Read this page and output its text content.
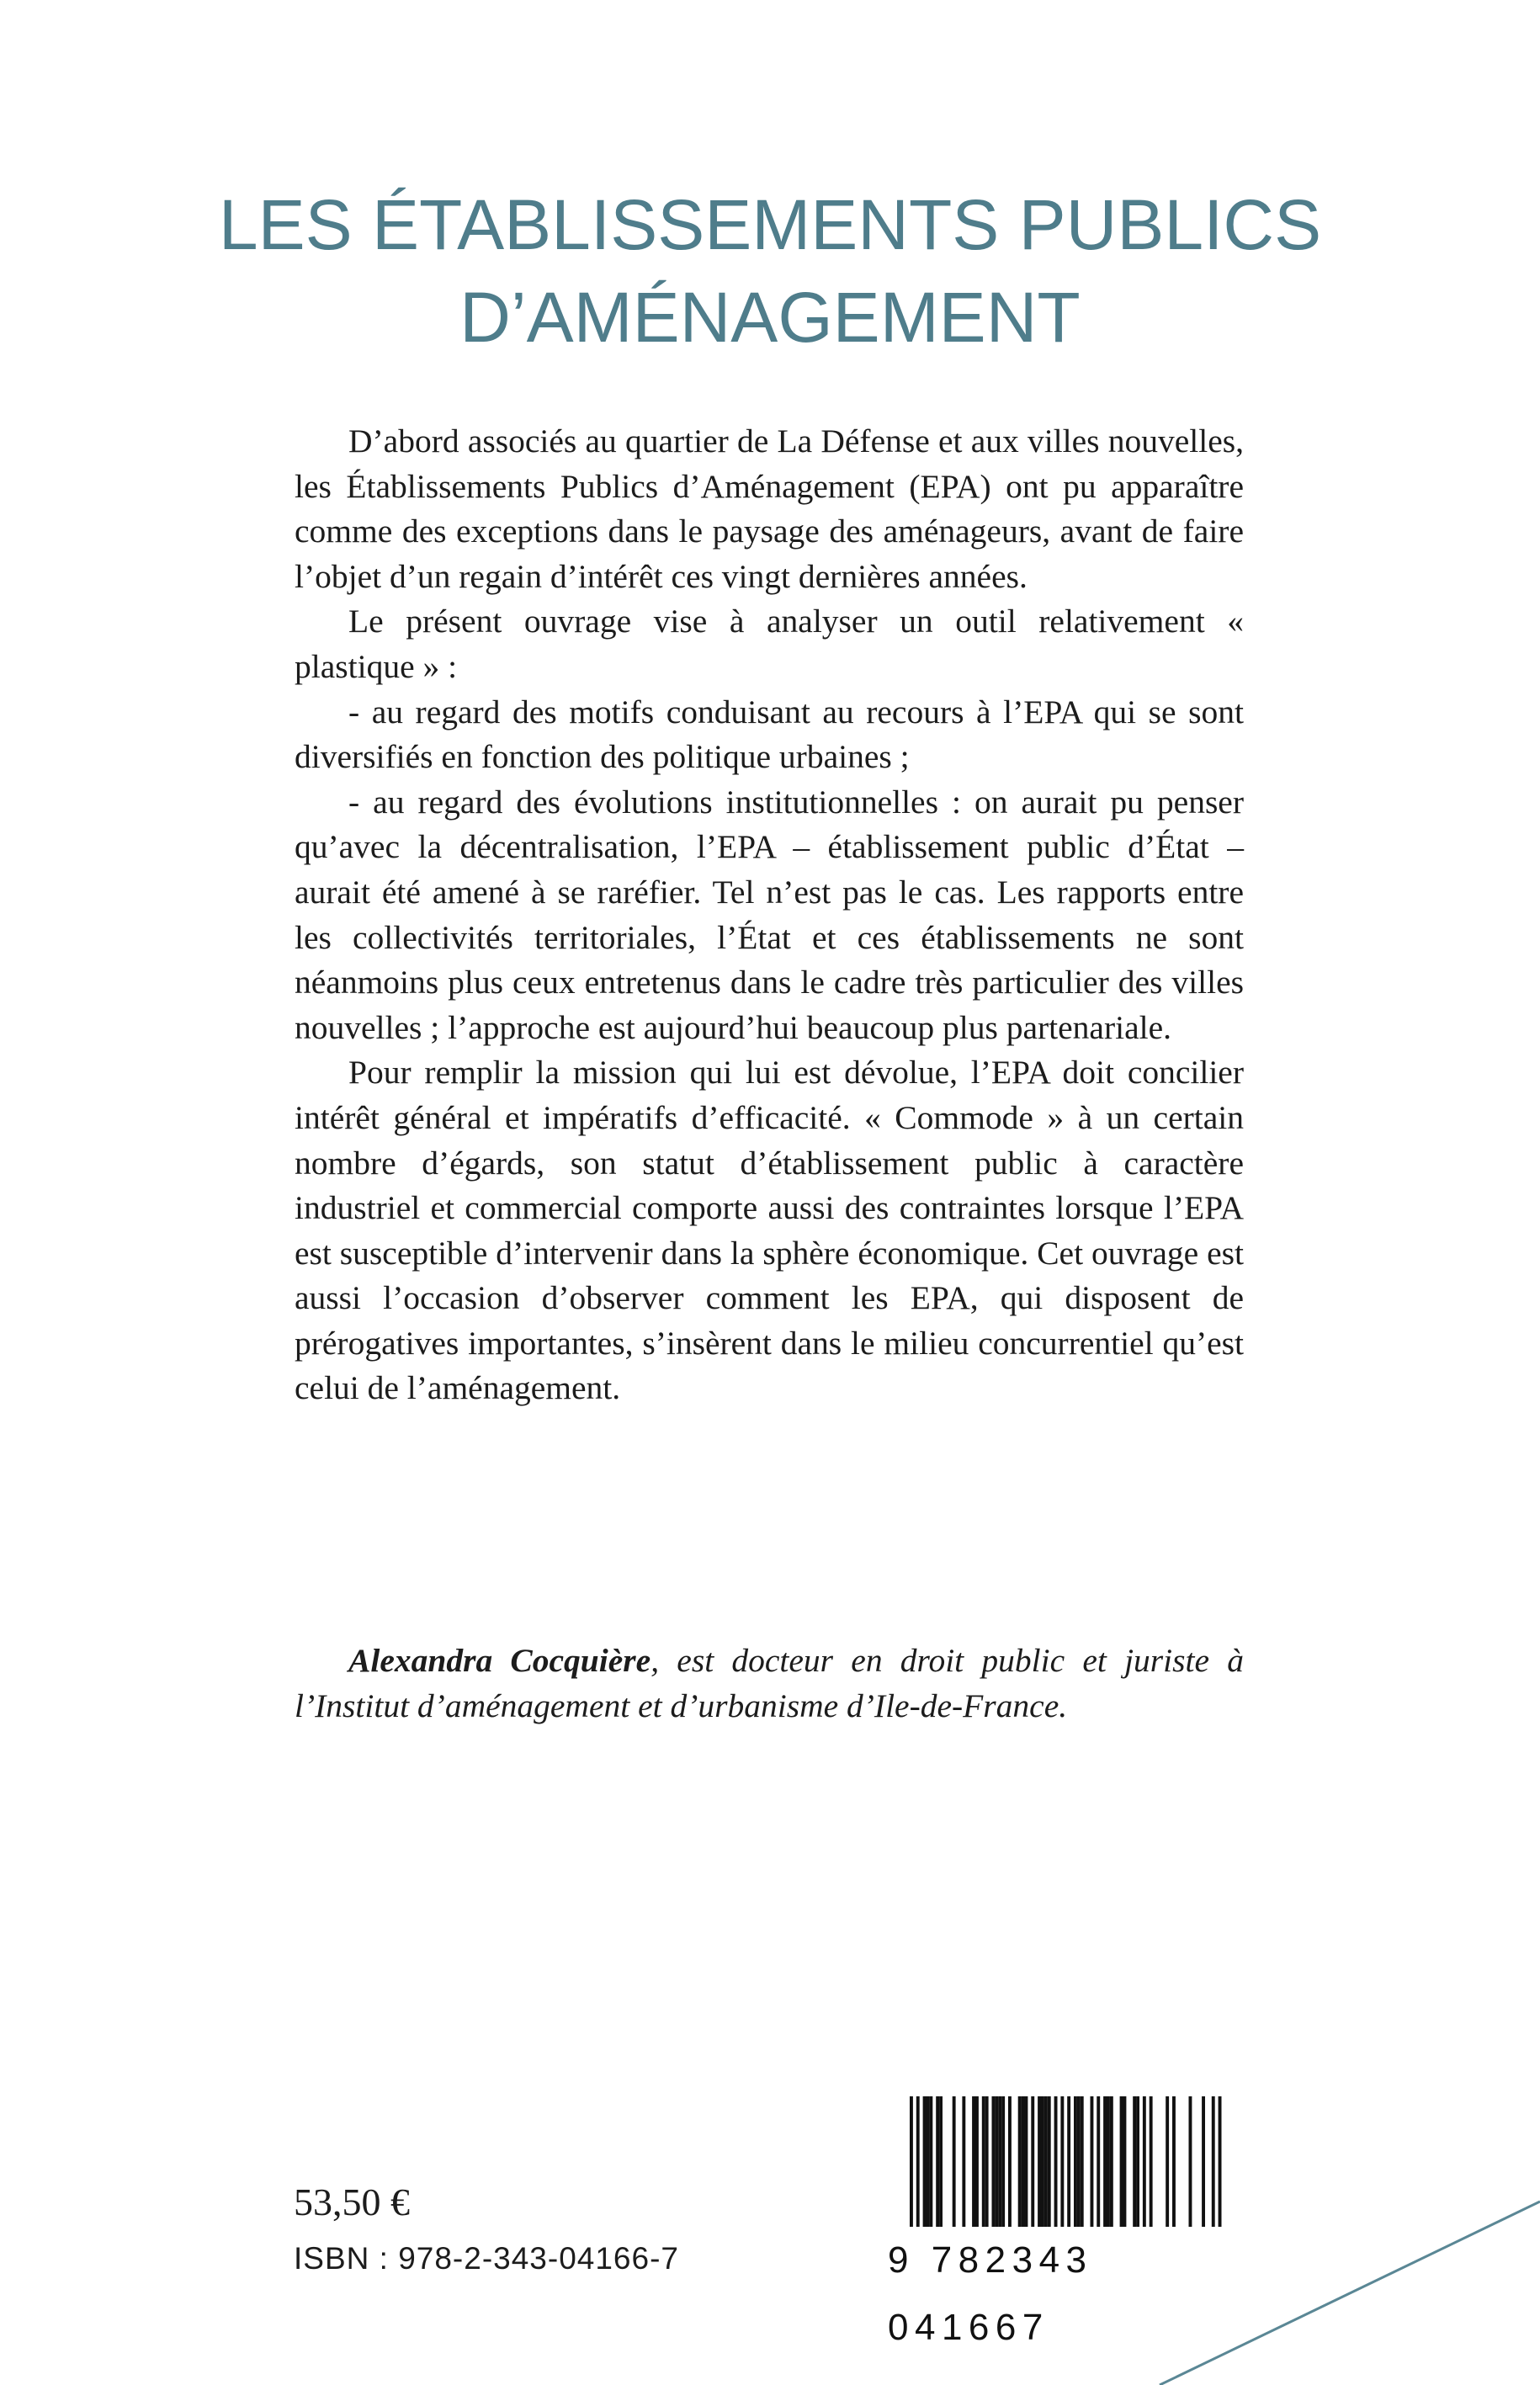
LES ÉTABLISSEMENTS PUBLICS
D’AMÉNAGEMENT

D’abord associés au quartier de La Défense et aux villes nouvelles, les Établissements Publics d’Aménagement (EPA) ont pu apparaître comme des exceptions dans le paysage des aménageurs, avant de faire l’objet d’un regain d’intérêt ces vingt dernières années.

Le présent ouvrage vise à analyser un outil relativement « plastique » :

- au regard des motifs conduisant au recours à l’EPA qui se sont diversifiés en fonction des politique urbaines ;

- au regard des évolutions institutionnelles : on aurait pu penser qu’avec la décentralisation, l’EPA – établissement public d’État – aurait été amené à se raréfier. Tel n’est pas le cas. Les rapports entre les collectivités territoriales, l’État et ces établissements ne sont néanmoins plus ceux entretenus dans le cadre très particulier des villes nouvelles ; l’approche est aujourd’hui beaucoup plus partenariale.

Pour remplir la mission qui lui est dévolue, l’EPA doit concilier intérêt général et impératifs d’efficacité. « Commode » à un certain nombre d’égards, son statut d’établissement public à caractère industriel et commercial comporte aussi des contraintes lorsque l’EPA est susceptible d’intervenir dans la sphère économique. Cet ouvrage est aussi l’occasion d’observer comment les EPA, qui disposent de prérogatives importantes, s’insèrent dans le milieu concurrentiel qu’est celui de l’aménagement.

Alexandra Cocquière, est docteur en droit public et juriste à l’Institut d’aménagement et d’urbanisme d’Ile-de-France.
53,50 €
ISBN : 978-2-343-04166-7	9 782343 041667
